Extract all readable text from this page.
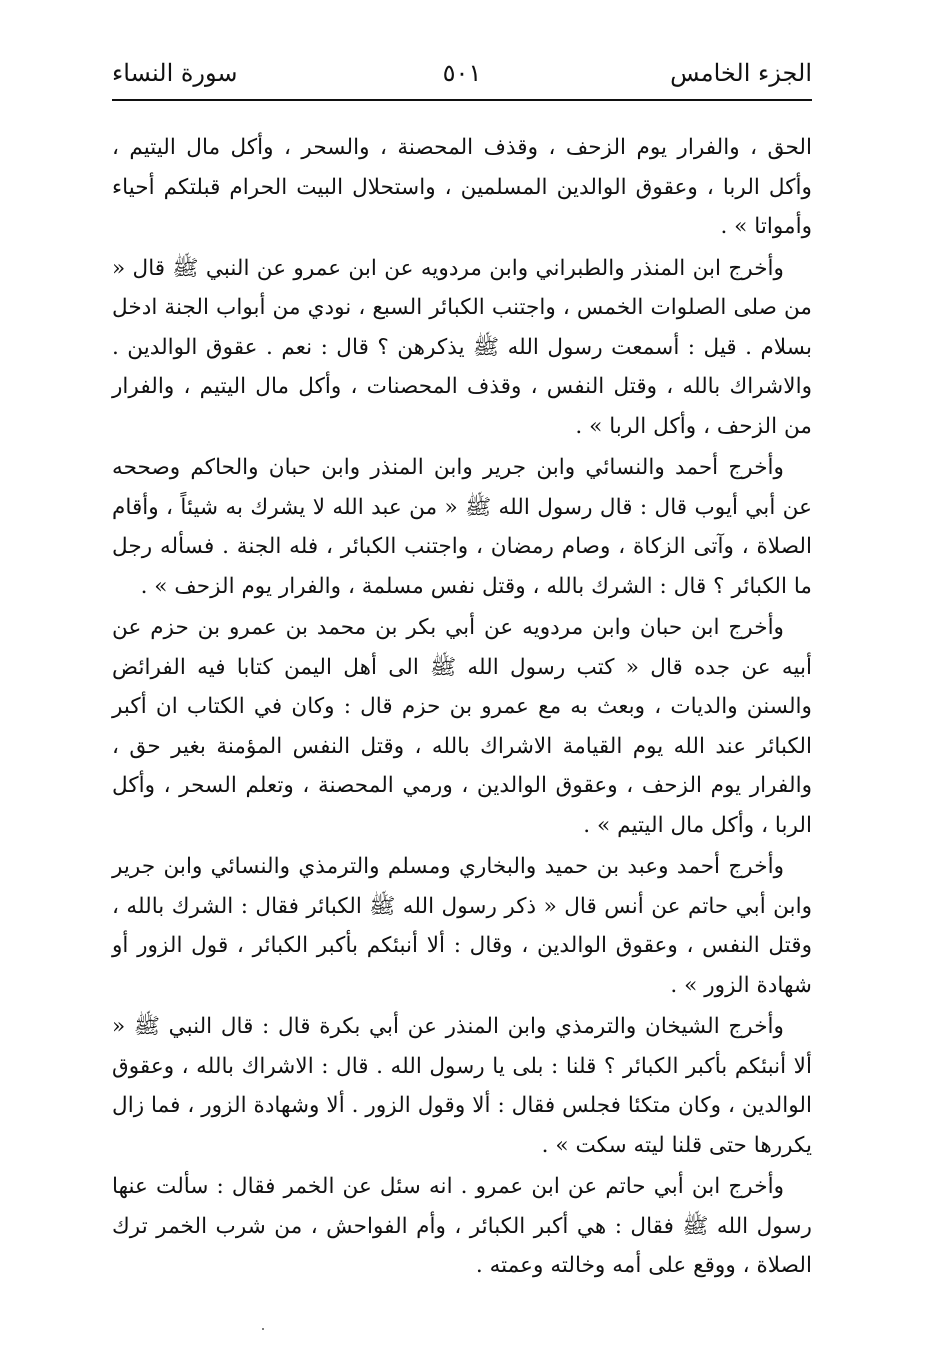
الجزء الخامس
٥٠١
سورة النساء

الحق ، والفرار يوم الزحف ، وقذف المحصنة ، والسحر ، وأكل مال اليتيم ، وأكل الربا ، وعقوق الوالدين المسلمين ، واستحلال البيت الحرام قبلتكم أحياء وأمواتا » .

وأخرج ابن المنذر والطبراني وابن مردويه عن ابن عمرو عن النبي ﷺ قال « من صلى الصلوات الخمس ، واجتنب الكبائر السبع ، نودي من أبواب الجنة ادخل بسلام . قيل : أسمعت رسول الله ﷺ يذكرهن ؟ قال : نعم . عقوق الوالدين . والاشراك بالله ، وقتل النفس ، وقذف المحصنات ، وأكل مال اليتيم ، والفرار من الزحف ، وأكل الربا » .

وأخرج أحمد والنسائي وابن جرير وابن المنذر وابن حبان والحاكم وصححه عن أبي أيوب قال : قال رسول الله ﷺ « من عبد الله لا يشرك به شيئاً ، وأقام الصلاة ، وآتى الزكاة ، وصام رمضان ، واجتنب الكبائر ، فله الجنة . فسأله رجل ما الكبائر ؟ قال : الشرك بالله ، وقتل نفس مسلمة ، والفرار يوم الزحف » .

وأخرج ابن حبان وابن مردويه عن أبي بكر بن محمد بن عمرو بن حزم عن أبيه عن جده قال « كتب رسول الله ﷺ الى أهل اليمن كتابا فيه الفرائض والسنن والديات ، وبعث به مع عمرو بن حزم قال : وكان في الكتاب ان أكبر الكبائر عند الله يوم القيامة الاشراك بالله ، وقتل النفس المؤمنة بغير حق ، والفرار يوم الزحف ، وعقوق الوالدين ، ورمي المحصنة ، وتعلم السحر ، وأكل الربا ، وأكل مال اليتيم » .

وأخرج أحمد وعبد بن حميد والبخاري ومسلم والترمذي والنسائي وابن جرير وابن أبي حاتم عن أنس قال « ذكر رسول الله ﷺ الكبائر فقال : الشرك بالله ، وقتل النفس ، وعقوق الوالدين ، وقال : ألا أنبئكم بأكبر الكبائر ، قول الزور أو شهادة الزور » .

وأخرج الشيخان والترمذي وابن المنذر عن أبي بكرة قال : قال النبي ﷺ « ألا أنبئكم بأكبر الكبائر ؟ قلنا : بلى يا رسول الله . قال : الاشراك بالله ، وعقوق الوالدين ، وكان متكئا فجلس فقال : ألا وقول الزور . ألا وشهادة الزور ، فما زال يكررها حتى قلنا ليته سكت » .

وأخرج ابن أبي حاتم عن ابن عمرو . انه سئل عن الخمر فقال : سألت عنها رسول الله ﷺ فقال : هي أكبر الكبائر ، وأم الفواحش ، من شرب الخمر ترك الصلاة ، ووقع على أمه وخالته وعمته .
